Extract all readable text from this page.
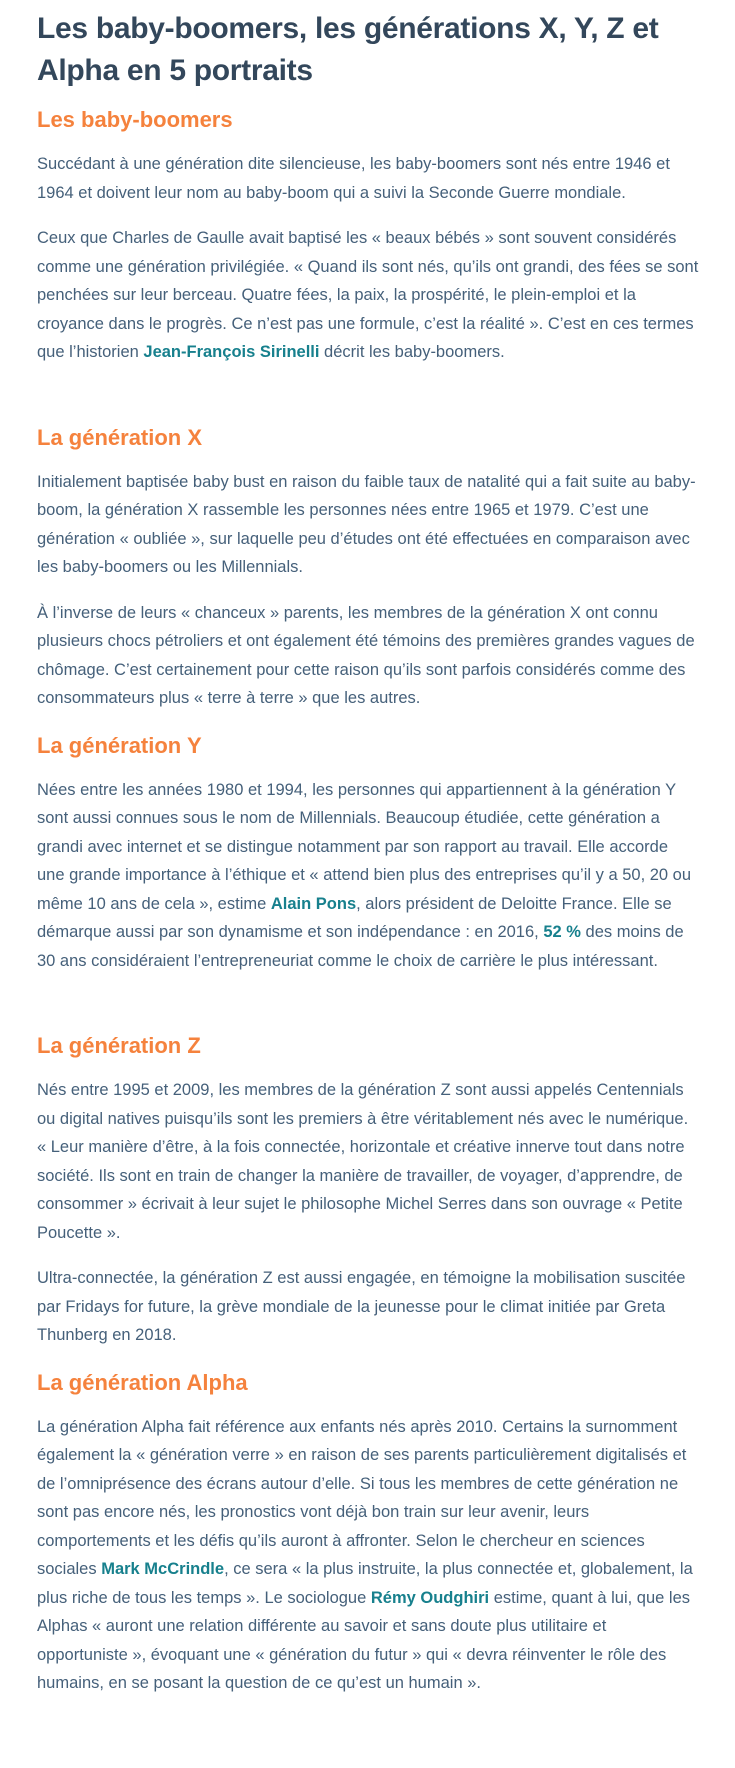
Les baby-boomers, les générations X, Y, Z et Alpha en 5 portraits
Les baby-boomers

Succédant à une génération dite silencieuse, les baby-boomers sont nés entre 1946 et 1964 et doivent leur nom au baby-boom qui a suivi la Seconde Guerre mondiale.

Ceux que Charles de Gaulle avait baptisé les « beaux bébés » sont souvent considérés comme une génération privilégiée. « Quand ils sont nés, qu’ils ont grandi, des fées se sont penchées sur leur berceau. Quatre fées, la paix, la prospérité, le plein-emploi et la croyance dans le progrès. Ce n’est pas une formule, c’est la réalité ». C’est en ces termes que l’historien Jean-François Sirinelli décrit les baby-boomers.

La génération X

Initialement baptisée baby bust en raison du faible taux de natalité qui a fait suite au baby-boom, la génération X rassemble les personnes nées entre 1965 et 1979. C’est une génération « oubliée », sur laquelle peu d’études ont été effectuées en comparaison avec les baby-boomers ou les Millennials.

À l’inverse de leurs « chanceux » parents, les membres de la génération X ont connu plusieurs chocs pétroliers et ont également été témoins des premières grandes vagues de chômage. C’est certainement pour cette raison qu’ils sont parfois considérés comme des consommateurs plus « terre à terre » que les autres.

La génération Y

Nées entre les années 1980 et 1994, les personnes qui appartiennent à la génération Y sont aussi connues sous le nom de Millennials. Beaucoup étudiée, cette génération a grandi avec internet et se distingue notamment par son rapport au travail. Elle accorde une grande importance à l’éthique et « attend bien plus des entreprises qu’il y a 50, 20 ou même 10 ans de cela », estime Alain Pons, alors président de Deloitte France. Elle se démarque aussi par son dynamisme et son indépendance : en 2016, 52 % des moins de 30 ans considéraient l’entrepreneuriat comme le choix de carrière le plus intéressant.

La génération Z

Nés entre 1995 et 2009, les membres de la génération Z sont aussi appelés Centennials ou digital natives puisqu’ils sont les premiers à être véritablement nés avec le numérique. « Leur manière d’être, à la fois connectée, horizontale et créative innerve tout dans notre société. Ils sont en train de changer la manière de travailler, de voyager, d’apprendre, de consommer » écrivait à leur sujet le philosophe Michel Serres dans son ouvrage « Petite Poucette ».

Ultra-connectée, la génération Z est aussi engagée, en témoigne la mobilisation suscitée par Fridays for future, la grève mondiale de la jeunesse pour le climat initiée par Greta Thunberg en 2018.

La génération Alpha

La génération Alpha fait référence aux enfants nés après 2010. Certains la surnomment également la « génération verre » en raison de ses parents particulièrement digitalisés et de l’omniprésence des écrans autour d’elle. Si tous les membres de cette génération ne sont pas encore nés, les pronostics vont déjà bon train sur leur avenir, leurs comportements et les défis qu’ils auront à affronter. Selon le chercheur en sciences sociales Mark McCrindle, ce sera « la plus instruite, la plus connectée et, globalement, la plus riche de tous les temps ». Le sociologue Rémy Oudghiri estime, quant à lui, que les Alphas « auront une relation différente au savoir et sans doute plus utilitaire et opportuniste », évoquant une « génération du futur » qui « devra réinventer le rôle des humains, en se posant la question de ce qu’est un humain ».
